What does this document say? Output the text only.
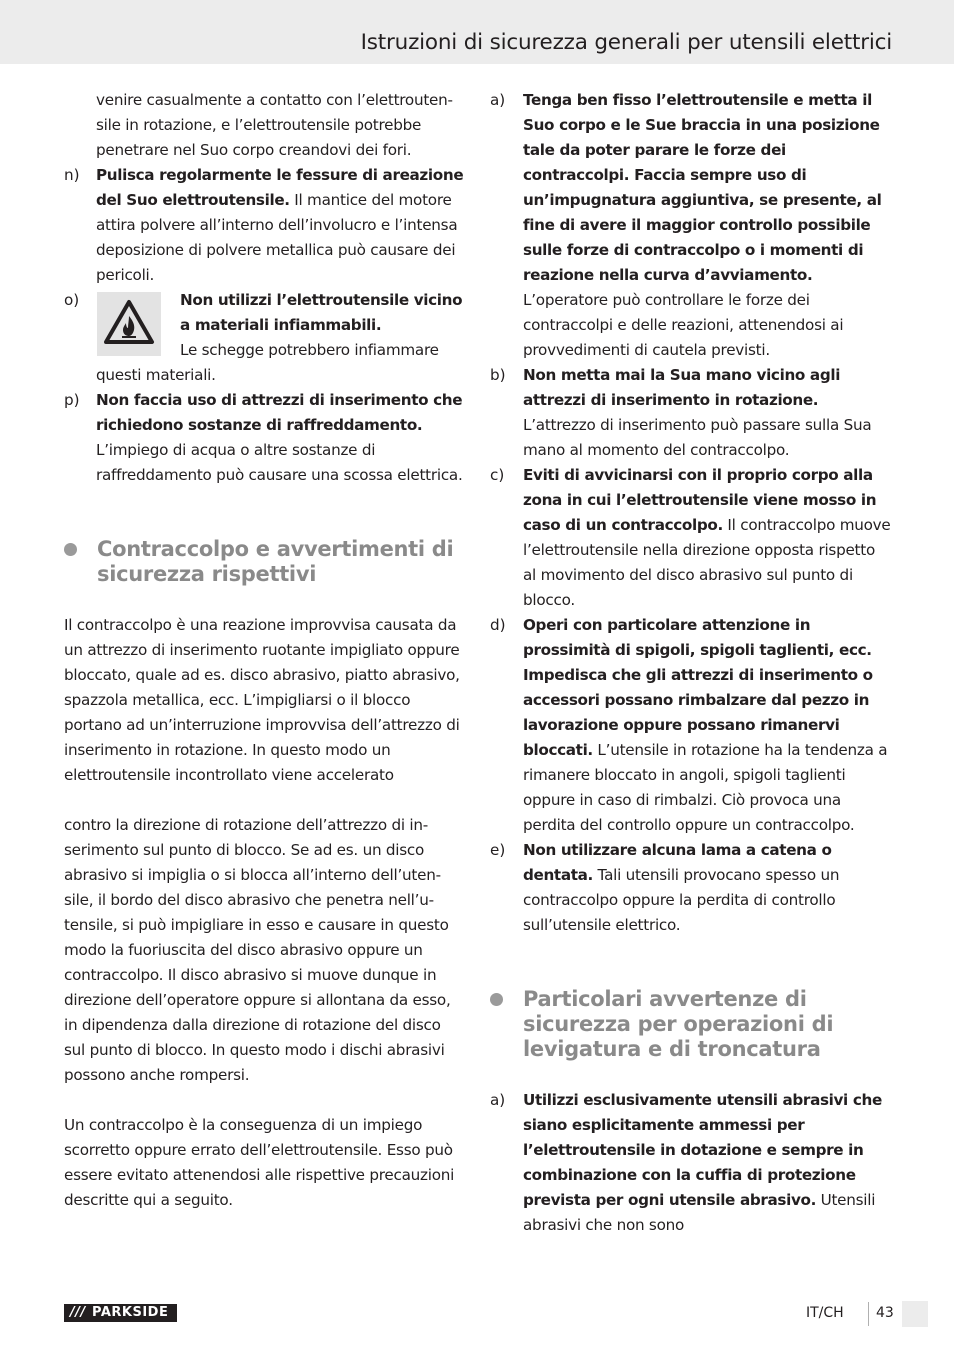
Istruzioni di sicurezza generali per utensili elettrici

venire casualmente a contatto con l’elettroutensile in rotazione, e l’elettroutensile potrebbe penetrare nel Suo corpo creandovi dei fori.

n) Pulisca regolarmente le fessure di areazione del Suo elettroutensile. Il mantice del motore attira polvere all’interno dell’involucro e l’intensa deposizione di polvere metallica può causare dei pericoli.

o)	Non utilizzi l’elettroutensile vicino a materiali infiammabili.

Le schegge potrebbero infiammare

questi materiali.

p) Non faccia uso di attrezzi di inserimento che richiedono sostanze di raffreddamento. L’impiego di acqua o altre sostanze di raffreddamento può causare una scossa elettrica.

Contraccolpo e avvertimenti di sicurezza rispettivi

Il contraccolpo è una reazione improvvisa causata da un attrezzo di inserimento ruotante impigliato oppure bloccato, quale ad es. disco abrasivo, piatto abrasivo, spazzola metallica, ecc. L’impigliarsi o il blocco portano ad un’interruzione improvvisa dell’attrezzo di inserimento in rotazione. In questo modo un elettroutensile incontrollato viene accelerato

contro la direzione di rotazione dell’attrezzo di inserimento sul punto di blocco. Se ad es. un disco abrasivo si impiglia o si blocca all’interno dell’utensile, il bordo del disco abrasivo che penetra nell’utensile, si può impigliare in esso e causare in questo modo la fuoriuscita del disco abrasivo oppure un contraccolpo. Il disco abrasivo si muove dunque in direzione dell’operatore oppure si allontana da esso, in dipendenza dalla direzione di rotazione del disco sul punto di blocco. In questo modo i dischi abrasivi possono anche rompersi.

Un contraccolpo è la conseguenza di un impiego scorretto oppure errato dell’elettroutensile. Esso può essere evitato attenendosi alle rispettive precauzioni descritte qui a seguito.

a) Tenga ben fisso l’elettroutensile e metta il Suo corpo e le Sue braccia in una posizione tale da poter parare le forze dei contraccolpi. Faccia sempre uso di un’impugnatura aggiuntiva, se presente, al fine di avere il maggior controllo possibile sulle forze di contraccolpo o i momenti di reazione nella curva d’avviamento. L’operatore può controllare le forze dei contraccolpi e delle reazioni, attenendosi ai provvedimenti di cautela previsti.

b) Non metta mai la Sua mano vicino agli attrezzi di inserimento in rotazione. L’attrezzo di inserimento può passare sulla Sua mano al momento del contraccolpo.

c) Eviti di avvicinarsi con il proprio corpo alla zona in cui l’elettroutensile viene mosso in caso di un contraccolpo. Il contraccolpo muove l’elettroutensile nella direzione opposta rispetto al movimento del disco abrasivo sul punto di blocco.

d) Operi con particolare attenzione in prossimità di spigoli, spigoli taglienti, ecc. Impedisca che gli attrezzi di inserimento o accessori possano rimbalzare dal pezzo in lavorazione oppure possano rimanervi bloccati. L’utensile in rotazione ha la tendenza a rimanere bloccato in angoli, spigoli taglienti oppure in caso di rimbalzi. Ciò provoca una perdita del controllo oppure un contraccolpo.

e) Non utilizzare alcuna lama a catena o dentata. Tali utensili provocano spesso un contraccolpo oppure la perdita di controllo sull’utensile elettrico.

Particolari avvertenze di sicurezza per operazioni di levigatura e di troncatura
a) Utilizzi esclusivamente utensili abrasivi che siano esplicitamente ammessi per l’elettroutensile in dotazione e sempre in combinazione con la cuffia di protezione prevista per ogni utensile abrasivo. Utensili abrasivi che non sono

/// PARKSIDE	IT/CH 43
